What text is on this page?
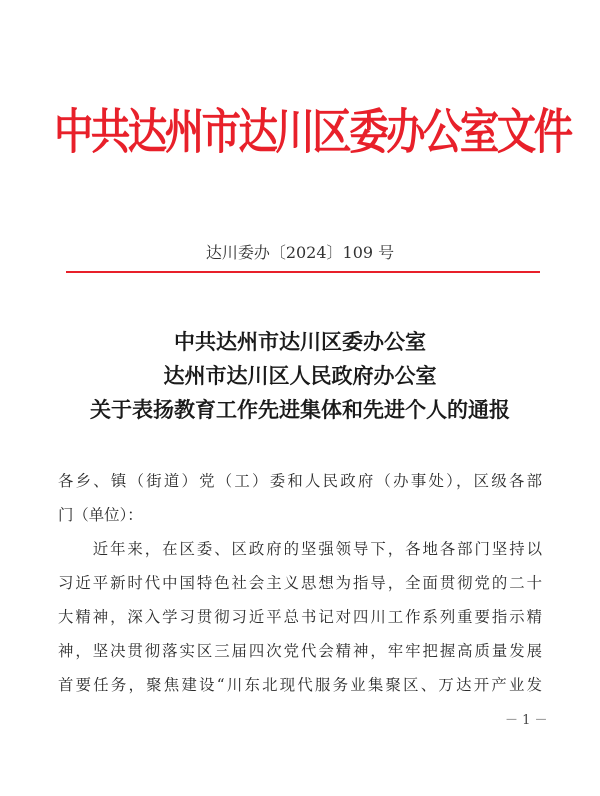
中共达州市达川区委办公室文件
达川委办〔2024〕109 号
中共达州市达川区委办公室
达州市达川区人民政府办公室
关于表扬教育工作先进集体和先进个人的通报
各乡、镇（街道）党（工）委和人民政府（办事处），区级各部
门（单位）：
　　近年来，在区委、区政府的坚强领导下，各地各部门坚持以
习近平新时代中国特色社会主义思想为指导，全面贯彻党的二十
大精神，深入学习贯彻习近平总书记对四川工作系列重要指示精
神，坚决贯彻落实区三届四次党代会精神，牢牢把握高质量发展
首要任务，聚焦建设“川东北现代服务业集聚区、万达开产业发
－ 1 －
